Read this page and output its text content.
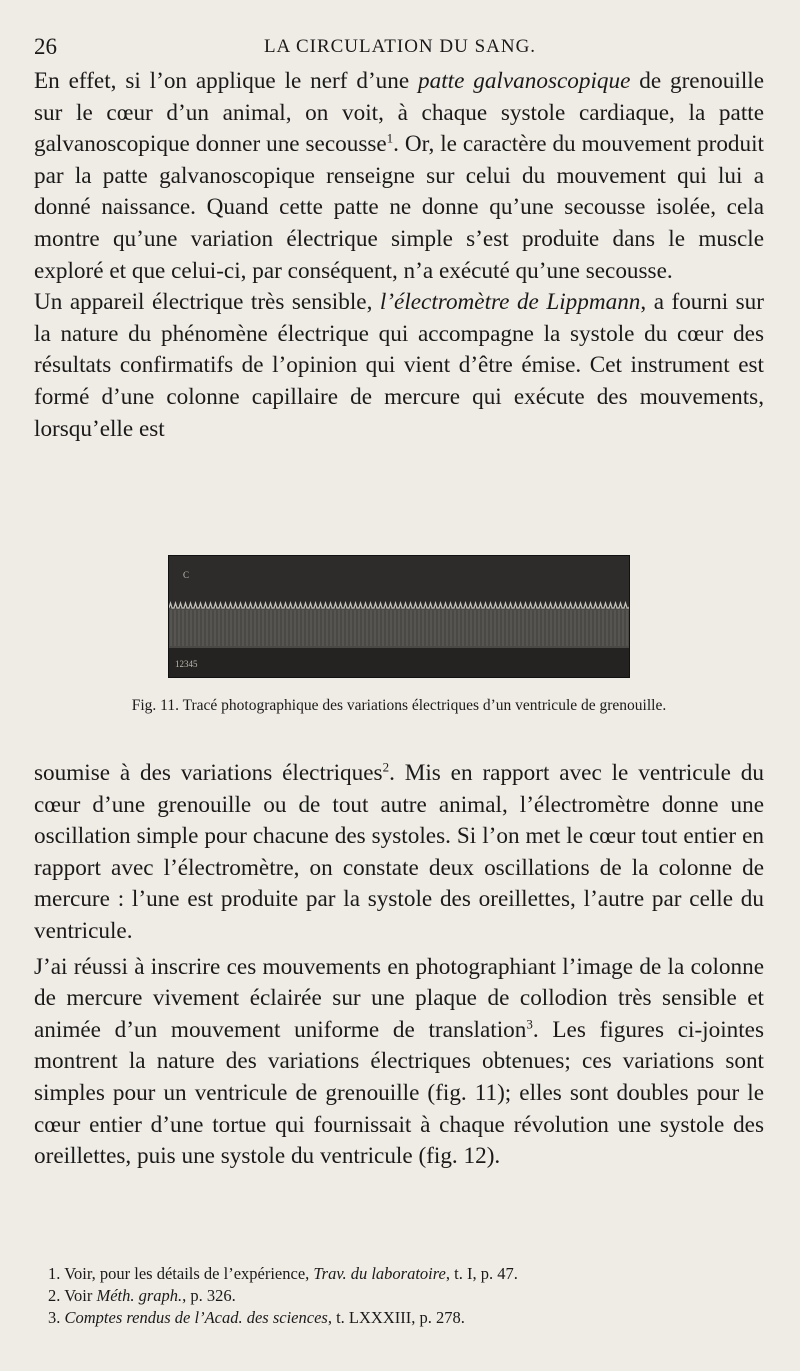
26	LA CIRCULATION DU SANG.

En effet, si l’on applique le nerf d’une patte galvanoscopique de grenouille sur le cœur d’un animal, on voit, à chaque systole cardiaque, la patte galvanoscopique donner une secousse$^1$. Or, le caractère du mouvement produit par la patte galvanoscopique renseigne sur celui du mouvement qui lui a donné naissance. Quand cette patte ne donne qu’une secousse isolée, cela montre qu’une variation électrique simple s’est produite dans le muscle exploré et que celui-ci, par conséquent, n’a exécuté qu’une secousse.

Un appareil électrique très sensible, l’électromètre de Lippmann, a fourni sur la nature du phénomène électrique qui accompagne la systole du cœur des résultats confirmatifs de l’opinion qui vient d’être émise. Cet instrument est formé d’une colonne capillaire de mercure qui exécute des mouvements, lorsqu’elle est

C
12345
Fig. 11. Tracé photographique des variations électriques d’un ventricule de grenouille.

soumise à des variations électriques$^2$. Mis en rapport avec le ventricule du cœur d’une grenouille ou de tout autre animal, l’électromètre donne une oscillation simple pour chacune des systoles. Si l’on met le cœur tout entier en rapport avec l’électromètre, on constate deux oscillations de la colonne de mercure : l’une est produite par la systole des oreillettes, l’autre par celle du ventricule.

J’ai réussi à inscrire ces mouvements en photographiant l’image de la colonne de mercure vivement éclairée sur une plaque de collodion très sensible et animée d’un mouvement uniforme de translation$^3$. Les figures ci-jointes montrent la nature des variations électriques obtenues; ces variations sont simples pour un ventricule de grenouille (fig. 11); elles sont doubles pour le cœur entier d’une tortue qui fournissait à chaque révolution une systole des oreillettes, puis une systole du ventricule (fig. 12).

1. Voir, pour les détails de l’expérience, Trav. du laboratoire, t. I, p. 47.
2. Voir Méth. graph., p. 326.
3. Comptes rendus de l’Acad. des sciences, t. LXXXIII, p. 278.
